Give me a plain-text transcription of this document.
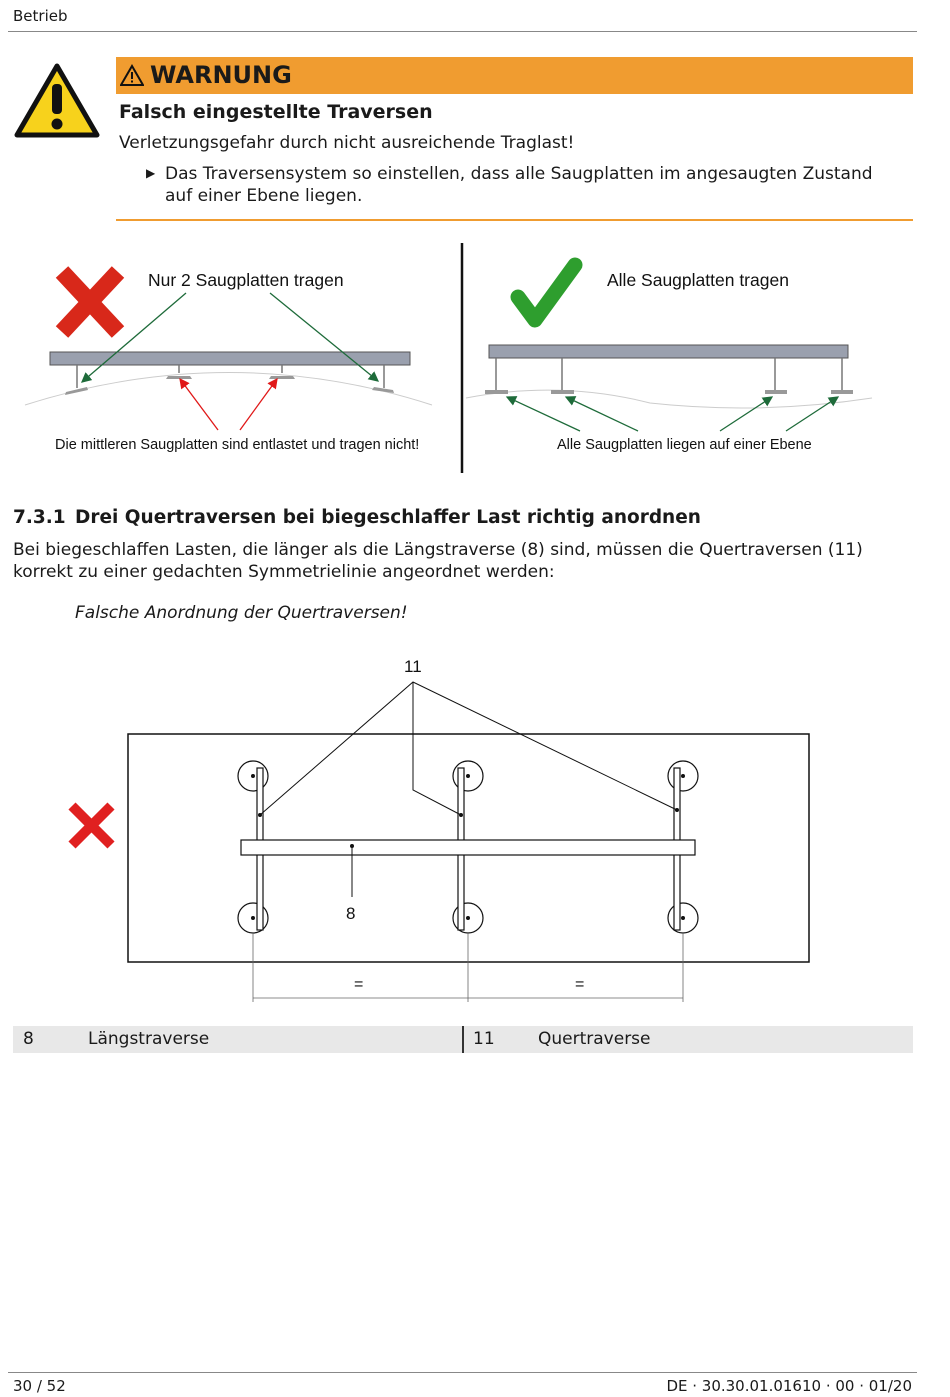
Betrieb
WARNUNG
Falsch eingestellte Traversen
Verletzungsgefahr durch nicht ausreichende Traglast!
▶ Das Traversensystem so einstellen, dass alle Saugplatten im angesaugten Zustand auf einer Ebene liegen.
Nur 2 Saugplatten tragen
Die mittleren Saugplatten sind entlastet und tragen nicht!
Alle Saugplatten tragen
Alle Saugplatten liegen auf einer Ebene
7.3.1 Drei Quertraversen bei biegeschlaffer Last richtig anordnen
Bei biegeschlaffen Lasten, die länger als die Längstraverse (8) sind, müssen die Quertraversen (11) korrekt zu einer gedachten Symmetrielinie angeordnet werden:
Falsche Anordnung der Quertraversen!
11
8
=	=
8	Längstraverse	11	Quertraverse
30 / 52	DE · 30.30.01.01610 · 00 · 01/20
